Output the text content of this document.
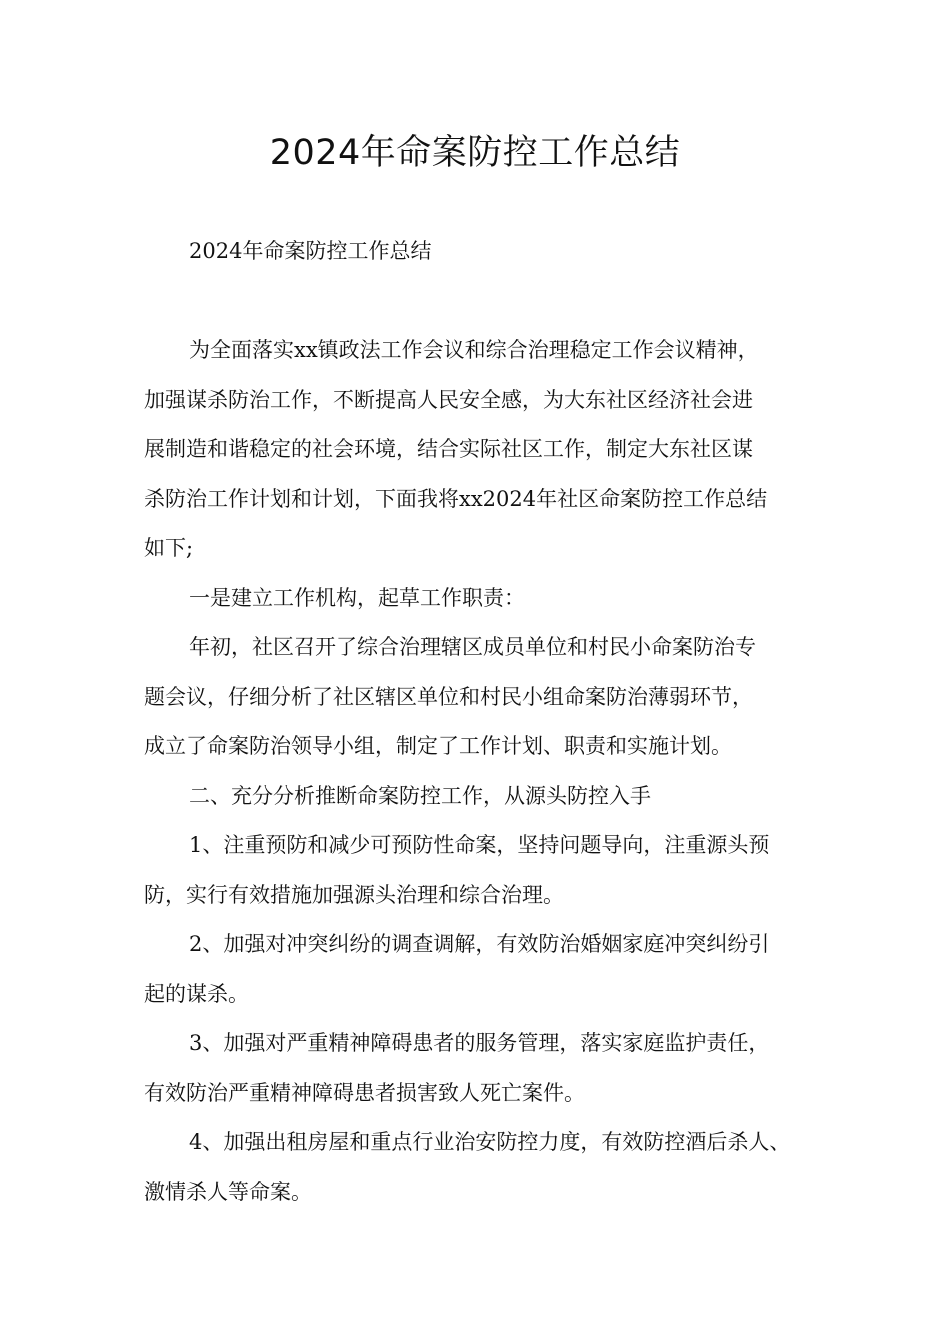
2024年命案防控工作总结

2024年命案防控工作总结

为全面落实xx镇政法工作会议和综合治理稳定工作会议精神，
加强谋杀防治工作，不断提高人民安全感，为大东社区经济社会进
展制造和谐稳定的社会环境，结合实际社区工作，制定大东社区谋
杀防治工作计划和计划，下面我将xx2024年社区命案防控工作总结
如下;

一是建立工作机构，起草工作职责：

年初，社区召开了综合治理辖区成员单位和村民小命案防治专
题会议，仔细分析了社区辖区单位和村民小组命案防治薄弱环节，
成立了命案防治领导小组，制定了工作计划、职责和实施计划。

二、充分分析推断命案防控工作，从源头防控入手

1、注重预防和减少可预防性命案，坚持问题导向，注重源头预
防，实行有效措施加强源头治理和综合治理。

2、加强对冲突纠纷的调查调解，有效防治婚姻家庭冲突纠纷引
起的谋杀。

3、加强对严重精神障碍患者的服务管理，落实家庭监护责任，
有效防治严重精神障碍患者损害致人死亡案件。

4、加强出租房屋和重点行业治安防控力度，有效防控酒后杀人、
激情杀人等命案。
